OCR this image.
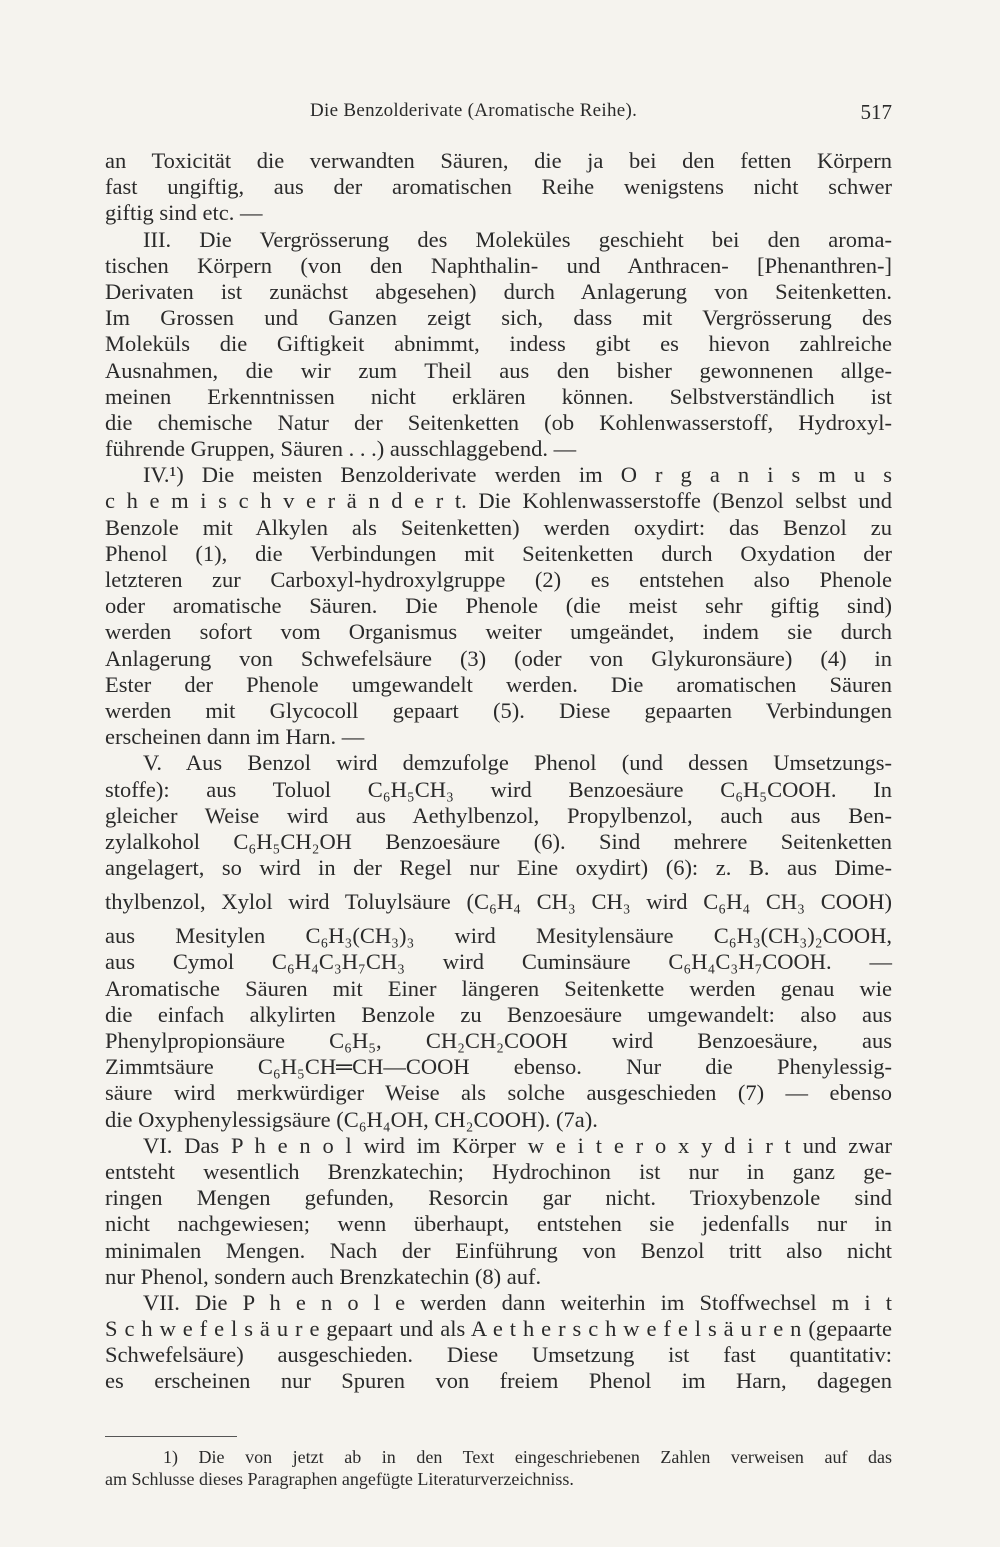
Die Benzolderivate (Aromatische Reihe).	517
an Toxicität die verwandten Säuren, die ja bei den fetten Körpern
fast ungiftig, aus der aromatischen Reihe wenigstens nicht schwer
giftig sind etc. —
III. Die Vergrösserung des Moleküles geschieht bei den aroma-
tischen Körpern (von den Naphthalin- und Anthracen- [Phenanthren-]
Derivaten ist zunächst abgesehen) durch Anlagerung von Seitenketten.
Im Grossen und Ganzen zeigt sich, dass mit Vergrösserung des
Moleküls die Giftigkeit abnimmt, indess gibt es hievon zahlreiche
Ausnahmen, die wir zum Theil aus den bisher gewonnenen allge-
meinen Erkenntnissen nicht erklären können. Selbstverständlich ist
die chemische Natur der Seitenketten (ob Kohlenwasserstoff, Hydroxyl-
führende Gruppen, Säuren . . .) ausschlaggebend. —
IV.¹) Die meisten Benzolderivate werden im O r g a n i s m u s
c h e m i s c h v e r ä n d e r t. Die Kohlenwasserstoffe (Benzol selbst und
Benzole mit Alkylen als Seitenketten) werden oxydirt: das Benzol zu
Phenol (1), die Verbindungen mit Seitenketten durch Oxydation der
letzteren zur Carboxyl-hydroxylgruppe (2) es entstehen also Phenole
oder aromatische Säuren. Die Phenole (die meist sehr giftig sind)
werden sofort vom Organismus weiter umgeändet, indem sie durch
Anlagerung von Schwefelsäure (3) (oder von Glykuronsäure) (4) in
Ester der Phenole umgewandelt werden. Die aromatischen Säuren
werden mit Glycocoll gepaart (5). Diese gepaarten Verbindungen
erscheinen dann im Harn. —
V. Aus Benzol wird demzufolge Phenol (und dessen Umsetzungs-
stoffe): aus Toluol C₆H₅CH₃ wird Benzoesäure C₆H₅COOH. In
gleicher Weise wird aus Aethylbenzol, Propylbenzol, auch aus Ben-
zylalkohol C₆H₅CH₂OH Benzoesäure (6). Sind mehrere Seitenketten
angelagert, so wird in der Regel nur Eine oxydirt) (6): z. B. aus Dime-
thylbenzol, Xylol wird Toluylsäure (C₆H₄ CH₃ CH₃ wird C₆H₄ CH₃ COOH)
aus Mesitylen C₆H₃(CH₃)₃ wird Mesitylensäure C₆H₃(CH₃)₂COOH,
aus Cymol C₆H₄C₃H₇CH₃ wird Cuminsäure C₆H₄C₃H₇COOH. —
Aromatische Säuren mit Einer längeren Seitenkette werden genau wie
die einfach alkylirten Benzole zu Benzoesäure umgewandelt: also aus
Phenylpropionsäure C₆H₅, CH₂CH₂COOH wird Benzoesäure, aus
Zimmtsäure C₆H₅CH═CH—COOH ebenso. Nur die Phenylessig-
säure wird merkwürdiger Weise als solche ausgeschieden (7) — ebenso
die Oxyphenylessigsäure (C₆H₄OH, CH₂COOH). (7a).
VI. Das P h e n o l wird im Körper w e i t e r o x y d i r t und zwar
entsteht wesentlich Brenzkatechin; Hydrochinon ist nur in ganz ge-
ringen Mengen gefunden, Resorcin gar nicht. Trioxybenzole sind
nicht nachgewiesen; wenn überhaupt, entstehen sie jedenfalls nur in
minimalen Mengen. Nach der Einführung von Benzol tritt also nicht
nur Phenol, sondern auch Brenzkatechin (8) auf.
VII. Die P h e n o l e werden dann weiterhin im Stoffwechsel m i t
S c h w e f e l s ä u r e gepaart und als A e t h e r s c h w e f e l s ä u r e n (gepaarte
Schwefelsäure) ausgeschieden. Diese Umsetzung ist fast quantitativ:
es erscheinen nur Spuren von freiem Phenol im Harn, dagegen
1) Die von jetzt ab in den Text eingeschriebenen Zahlen verweisen auf das
am Schlusse dieses Paragraphen angefügte Literaturverzeichniss.
